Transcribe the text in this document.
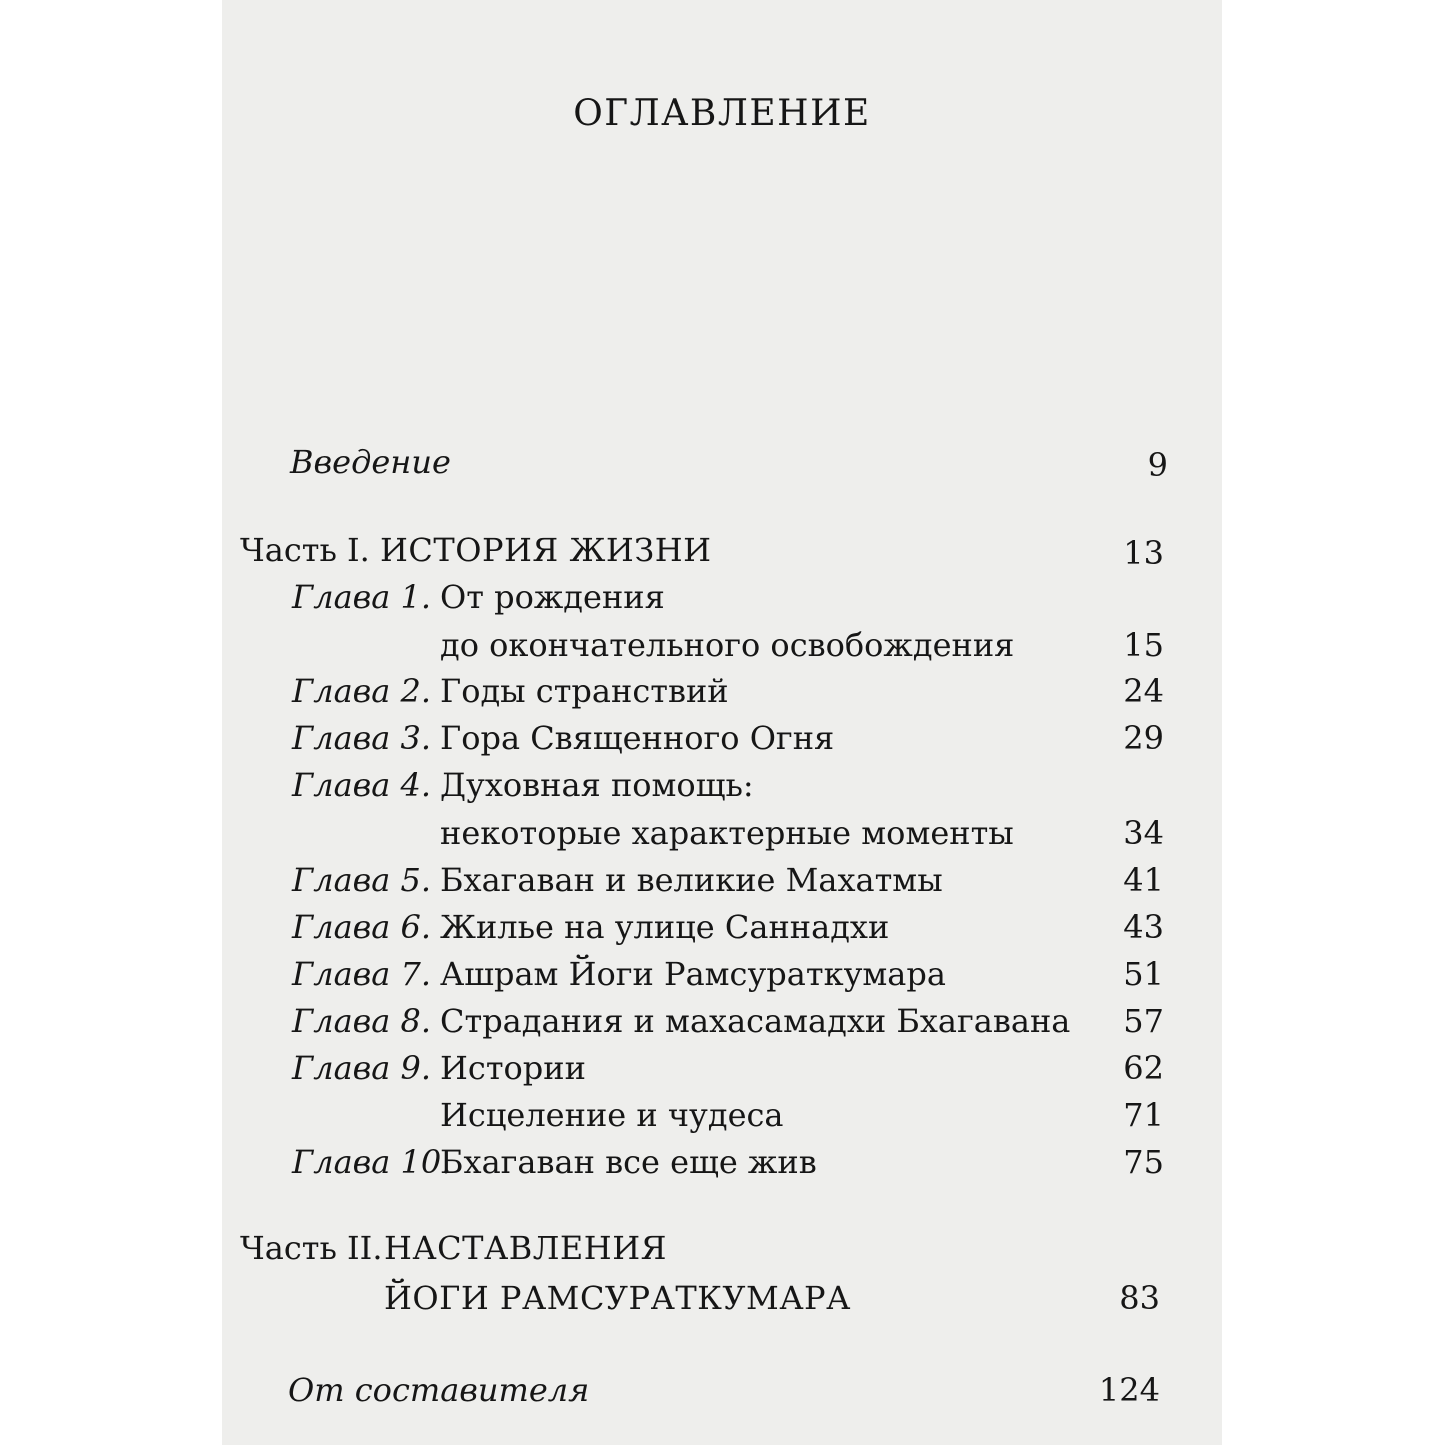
ОГЛАВЛЕНИЕ
Введение	9
Часть I. ИСТОРИЯ ЖИЗНИ	13
Глава 1. От рождения
до окончательного освобождения	15
Глава 2. Годы странствий	24
Глава 3. Гора Священного Огня	29
Глава 4. Духовная помощь:
некоторые характерные моменты	34
Глава 5. Бхагаван и великие Махатмы	41
Глава 6. Жилье на улице Саннадхи	43
Глава 7. Ашрам Йоги Рамсураткумара	51
Глава 8. Страдания и махасамадхи Бхагавана 57
Глава 9. Истории	62
Исцеление и чудеса	71
Глава 10.
Бхагаван все еще жив	75
Часть II. НАСТАВЛЕНИЯ
ЙОГИ РАМСУРАТКУМАРА	83
От составителя	124
